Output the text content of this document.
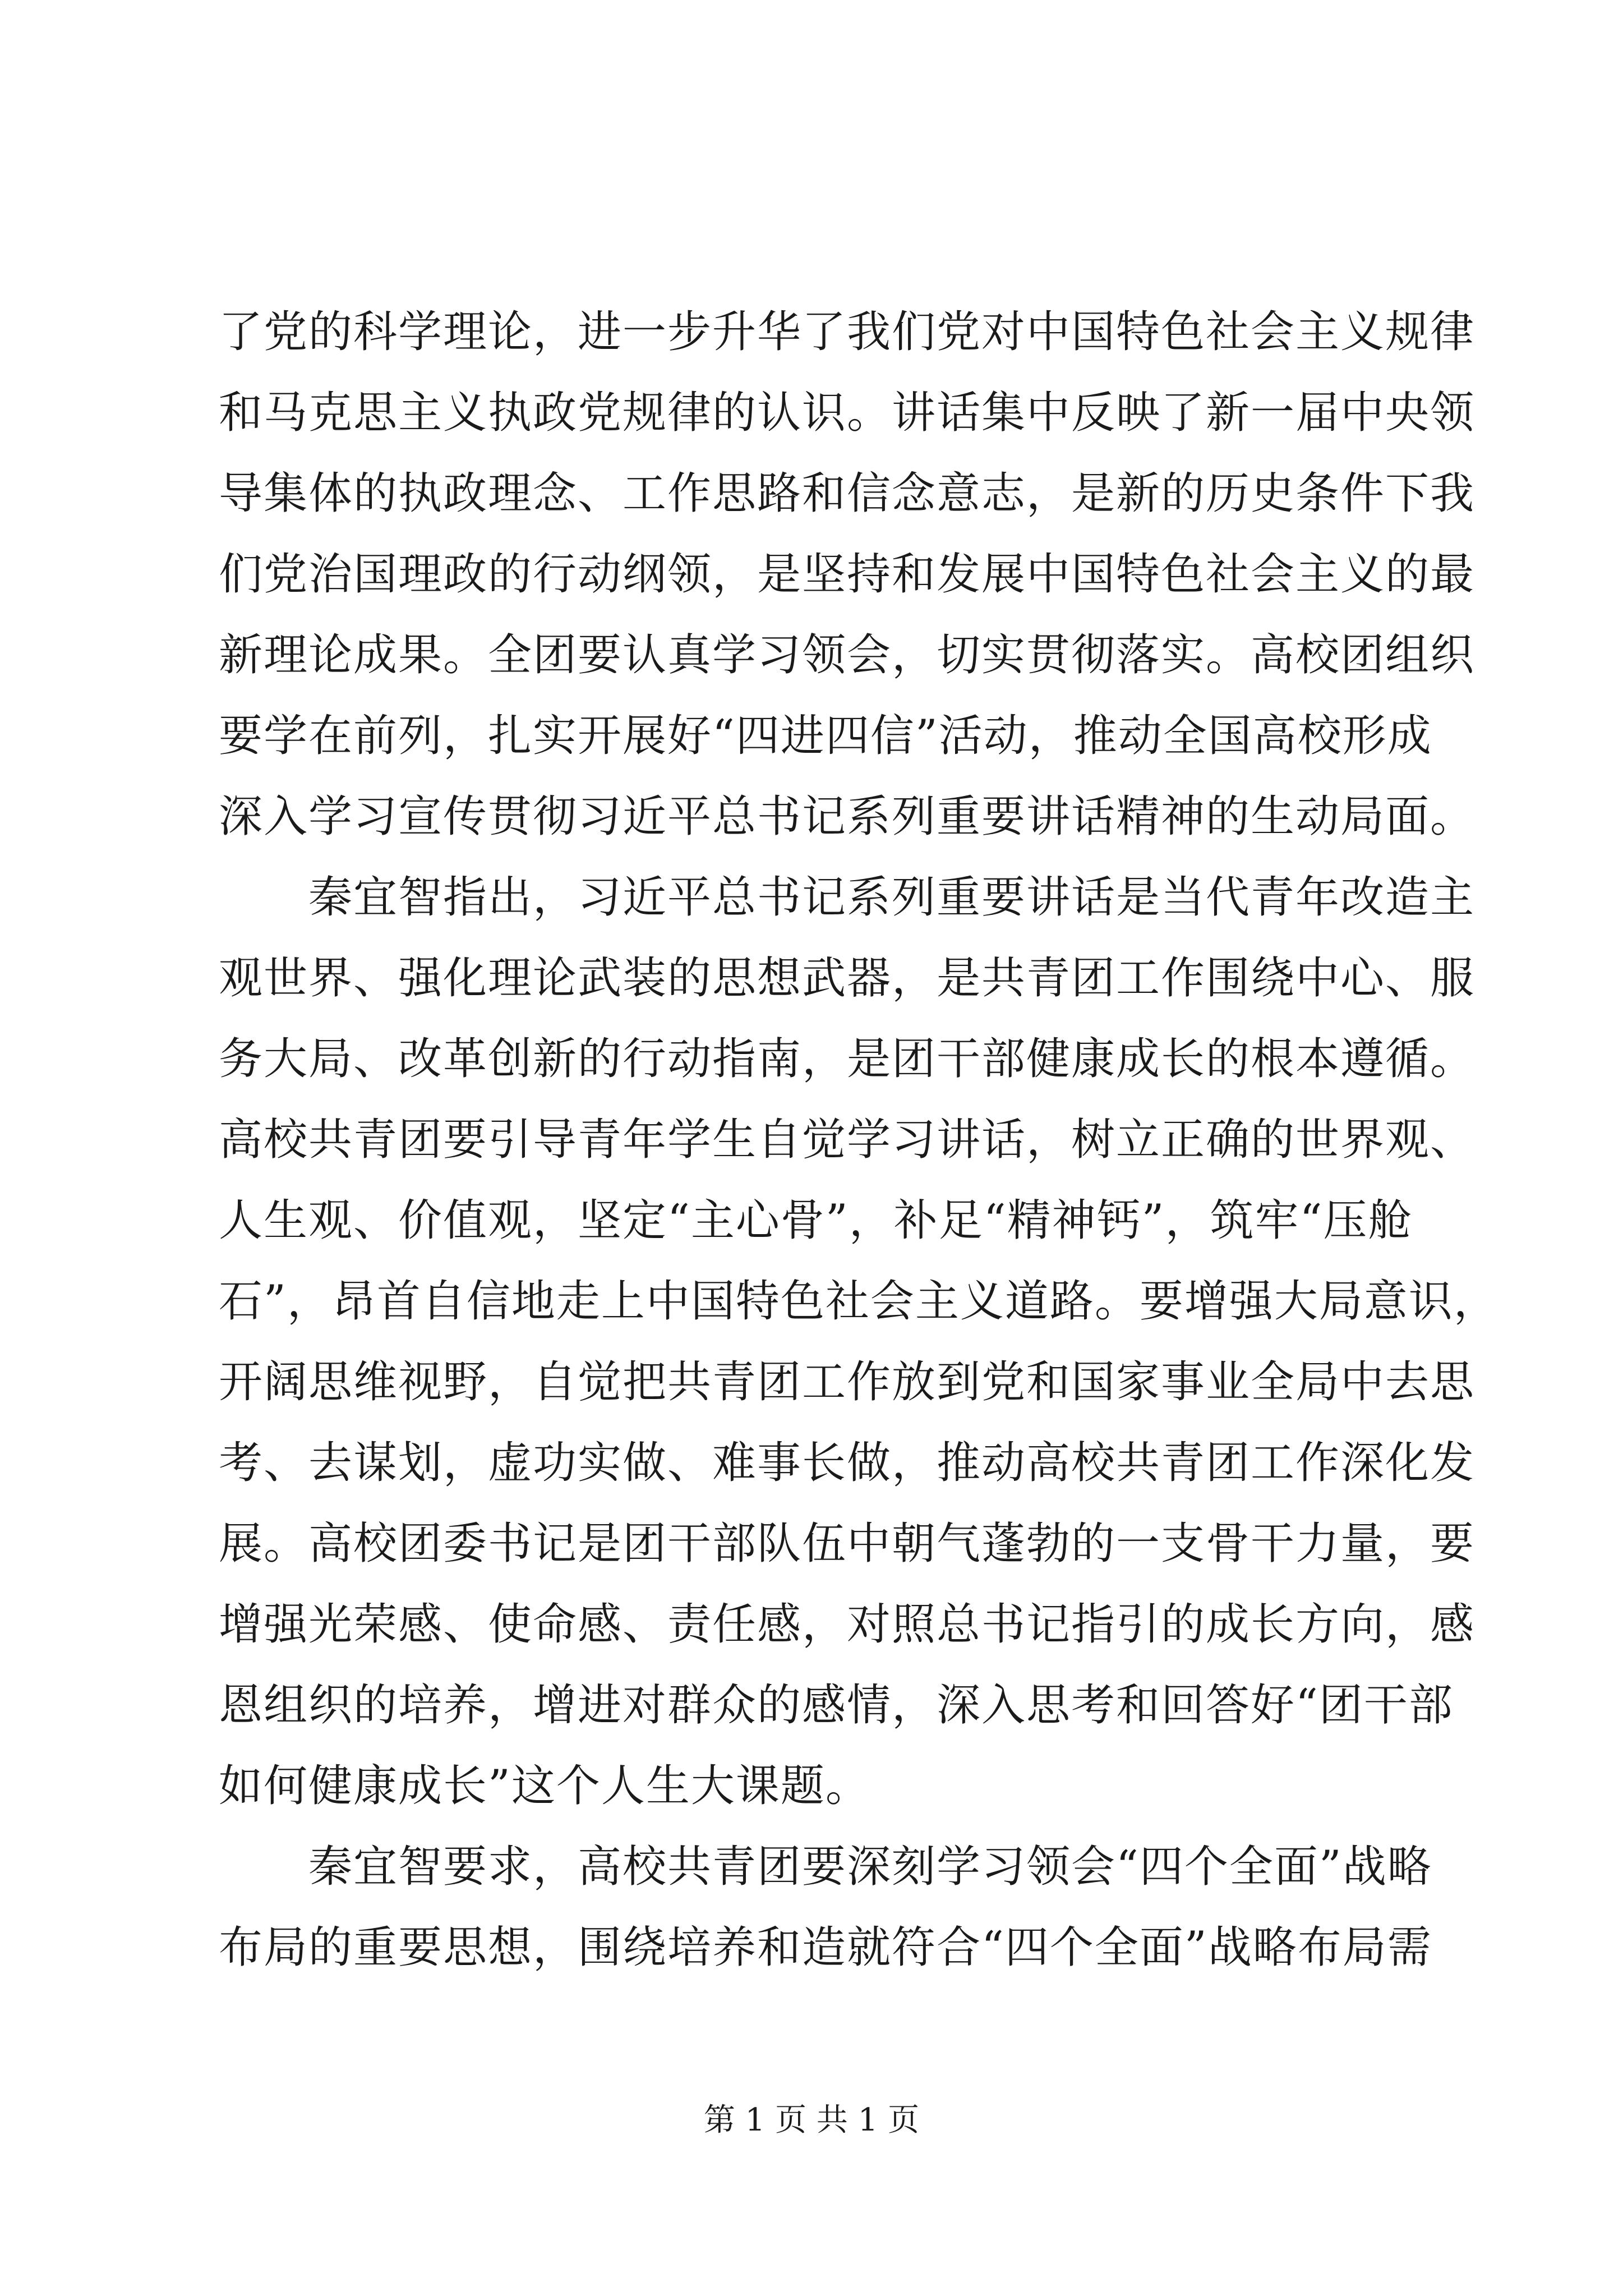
了党的科学理论，进一步升华了我们党对中国特色社会主义规律
和马克思主义执政党规律的认识。讲话集中反映了新一届中央领
导集体的执政理念、工作思路和信念意志，是新的历史条件下我
们党治国理政的行动纲领，是坚持和发展中国特色社会主义的最
新理论成果。全团要认真学习领会，切实贯彻落实。高校团组织
要学在前列，扎实开展好“四进四信”活动，推动全国高校形成
深入学习宣传贯彻习近平总书记系列重要讲话精神的生动局面。
秦宜智指出，习近平总书记系列重要讲话是当代青年改造主
观世界、强化理论武装的思想武器，是共青团工作围绕中心、服
务大局、改革创新的行动指南，是团干部健康成长的根本遵循。
高校共青团要引导青年学生自觉学习讲话，树立正确的世界观、
人生观、价值观，坚定“主心骨”，补足“精神钙”，筑牢“压舱
石”，昂首自信地走上中国特色社会主义道路。要增强大局意识，
开阔思维视野，自觉把共青团工作放到党和国家事业全局中去思
考、去谋划，虚功实做、难事长做，推动高校共青团工作深化发
展。高校团委书记是团干部队伍中朝气蓬勃的一支骨干力量，要
增强光荣感、使命感、责任感，对照总书记指引的成长方向，感
恩组织的培养，增进对群众的感情，深入思考和回答好“团干部
如何健康成长”这个人生大课题。
秦宜智要求，高校共青团要深刻学习领会“四个全面”战略
布局的重要思想，围绕培养和造就符合“四个全面”战略布局需
第 1 页 共 1 页
